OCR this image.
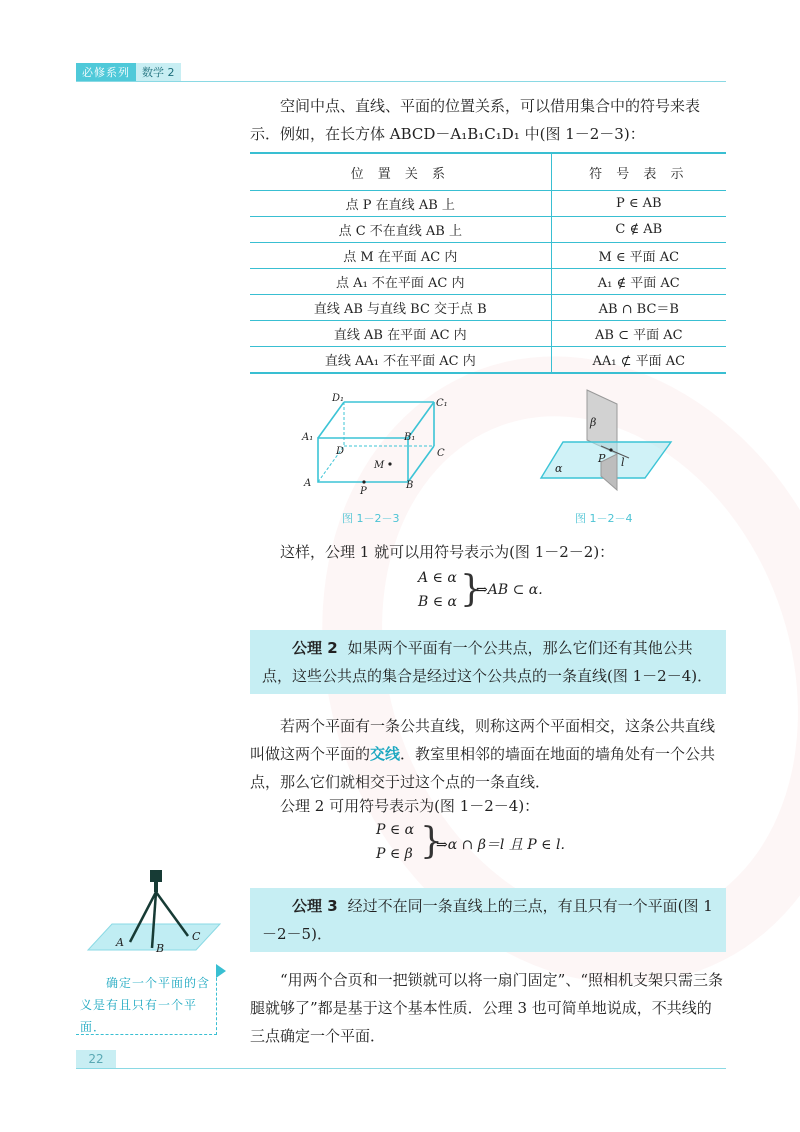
必修系列	数学 2

空间中点、直线、平面的位置关系，可以借用集合中的符号来表示．例如，在长方体 ABCD－A₁B₁C₁D₁ 中(图 1－2－3)：

位 置 关 系	符 号 表 示
点 P 在直线 AB 上	P ∈ AB
点 C 不在直线 AB 上	C ∉ AB
点 M 在平面 AC 内	M ∈ 平面 AC
点 A₁ 不在平面 AC 内	A₁ ∉ 平面 AC
直线 AB 与直线 BC 交于点 B	AB ∩ BC＝B
直线 AB 在平面 AC 内	AB ⊂ 平面 AC
直线 AA₁ 不在平面 AC 内	AA₁ ⊄ 平面 AC
D₁	C₁
A₁	B₁
D	C
M
A	B
P
图 1－2－3
β
α
P l
图 1－2－4

这样，公理 1 就可以用符号表示为(图 1－2－2)：

A ∈ α
B ∈ α }
⇒AB ⊂ α.
公理 2 如果两个平面有一个公共点，那么它们还有其他公共点，这些公共点的集合是经过这个公共点的一条直线(图 1－2－4)．

若两个平面有一条公共直线，则称这两个平面相交，这条公共直线叫做这两个平面的交线．教室里相邻的墙面在地面的墙角处有一个公共点，那么它们就相交于过这个点的一条直线．

公理 2 可用符号表示为(图 1－2－4)：

P ∈ α
P ∈ β }
⇒α ∩ β＝l 且 P ∈ l.
公理 3 经过不在同一条直线上的三点，有且只有一个平面(图 1－2－5)．

“用两个合页和一把锁就可以将一扇门固定”、“照相机支架只需三条腿就够了”都是基于这个基本性质．公理 3 也可简单地说成，不共线的三点确定一个平面．

A	B
C
确定一个平面的含义是有且只有一个平面．
22
